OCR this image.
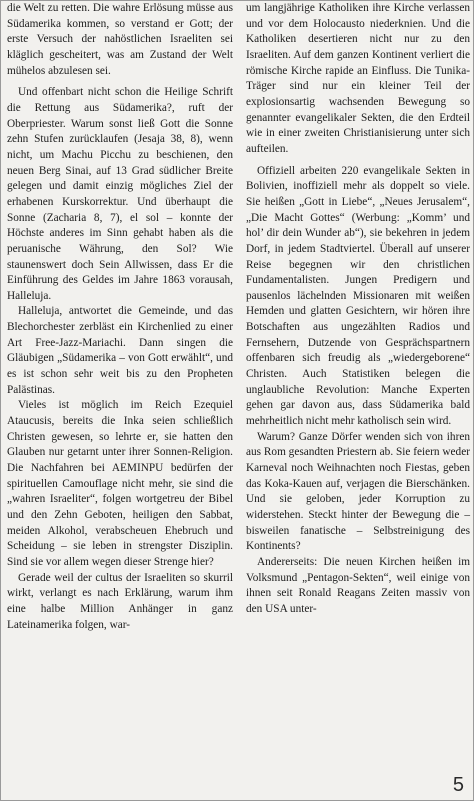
die Welt zu retten. Die wahre Erlösung müsse aus Südamerika kommen, so verstand er Gott; der erste Versuch der nahöstlichen Israeliten sei kläglich gescheitert, was am Zustand der Welt mühelos abzulesen sei.

Und offenbart nicht schon die Heilige Schrift die Rettung aus Südamerika?, ruft der Oberpriester. Warum sonst ließ Gott die Sonne zehn Stufen zurücklaufen (Jesaja 38, 8), wenn nicht, um Machu Picchu zu beschienen, den neuen Berg Sinai, auf 13 Grad südlicher Breite gelegen und damit einzig mögliches Ziel der erhabenen Kurskorrektur. Und überhaupt die Sonne (Zacharia 8, 7), el sol – konnte der Höchste anderes im Sinn gehabt haben als die peruanische Währung, den Sol? Wie staunenswert doch Sein Allwissen, dass Er die Einführung des Geldes im Jahre 1863 vorausah, Halleluja.

Halleluja, antwortet die Gemeinde, und das Blechorchester zerbläst ein Kirchenlied zu einer Art Free-Jazz-Mariachi. Dann singen die Gläubigen „Südamerika – von Gott erwählt“, und es ist schon sehr weit bis zu den Propheten Palästinas.

Vieles ist möglich im Reich Ezequiel Ataucusis, bereits die Inka seien schließlich Christen gewesen, so lehrte er, sie hatten den Glauben nur getarnt unter ihrer Sonnen-Religion. Die Nachfahren bei AEMINPU bedürfen der spirituellen Camouflage nicht mehr, sie sind die „wahren Israeliter“, folgen wortgetreu der Bibel und den Zehn Geboten, heiligen den Sabbat, meiden Alkohol, verabscheuen Ehebruch und Scheidung – sie leben in strengster Disziplin. Sind sie vor allem wegen dieser Strenge hier?

Gerade weil der cultus der Israeliten so skurril wirkt, verlangt es nach Erklärung, warum ihm eine halbe Million Anhänger in ganz Lateinamerika folgen, war-

um langjährige Katholiken ihre Kirche verlassen und vor dem Holocausto niederknien. Und die Katholiken desertieren nicht nur zu den Israeliten. Auf dem ganzen Kontinent verliert die römische Kirche rapide an Einfluss. Die Tunika-Träger sind nur ein kleiner Teil der explosionsartig wachsenden Bewegung so genannter evangelikaler Sekten, die den Erdteil wie in einer zweiten Christianisierung unter sich aufteilen.

Offiziell arbeiten 220 evangelikale Sekten in Bolivien, inoffiziell mehr als doppelt so viele. Sie heißen „Gott in Liebe“, „Neues Jerusalem“, „Die Macht Gottes“ (Werbung: „Komm’ und hol’ dir dein Wunder ab“), sie bekehren in jedem Dorf, in jedem Stadtviertel. Überall auf unserer Reise begegnen wir den christlichen Fundamentalisten. Jungen Predigern und pausenlos lächelnden Missionaren mit weißen Hemden und glatten Gesichtern, wir hören ihre Botschaften aus ungezählten Radios und Fernsehern, Dutzende von Gesprächspartnern offenbaren sich freudig als „wiedergeborene“ Christen. Auch Statistiken belegen die unglaubliche Revolution: Manche Experten gehen gar davon aus, dass Südamerika bald mehrheitlich nicht mehr katholisch sein wird.

Warum? Ganze Dörfer wenden sich von ihren aus Rom gesandten Priestern ab. Sie feiern weder Karneval noch Weihnachten noch Fiestas, geben das Koka-Kauen auf, verjagen die Bierschänken. Und sie geloben, jeder Korruption zu widerstehen. Steckt hinter der Bewegung die – bisweilen fanatische – Selbstreinigung des Kontinents?

Andererseits: Die neuen Kirchen heißen im Volksmund „Pentagon-Sekten“, weil einige von ihnen seit Ronald Reagans Zeiten massiv von den USA unter-

5
